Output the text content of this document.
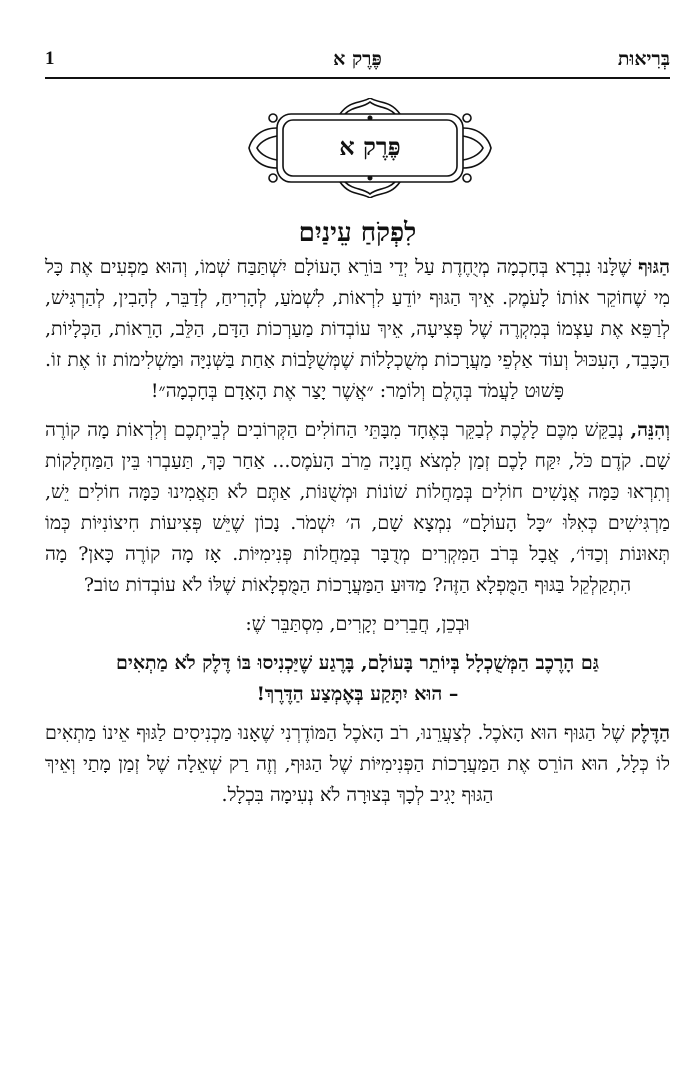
בְּרִיאוּת
פֶּרֶק א
1
פֶּרֶק א
לִפְקֹחַ עֵינַיִם

הַגּוּף שֶׁלָּנוּ נִבְרָא בְּחָכְמָה מְיֻחֶדֶת עַל יְדֵי בּוֹרֵא הָעוֹלָם יִשְׁתַּבַּח שְׁמוֹ, וְהוּא מַפְעִים אֶת כָּל מִי שֶׁחוֹקֵר אוֹתוֹ לָעֹמֶק. אֵיךְ הַגּוּף יוֹדֵעַ לִרְאוֹת, לִשְׁמֹעַ, לְהָרִיחַ, לְדַבֵּר, לְהָבִין, לְהַרְגִּישׁ, לְרַפֵּא אֶת עַצְמוֹ בְּמִקְרֶה שֶׁל פְּצִיעָה, אֵיךְ עוֹבְדוֹת מַעַרְכוֹת הַדָּם, הַלֵּב, הָרֵאוֹת, הַכְּלָיוֹת, הַכָּבֵד, הָעִכּוּל וְעוֹד אַלְפֵי מַעֲרָכוֹת מְשֻׁכְלָלוֹת שֶׁמְּשֻׁלָּבוֹת אַחַת בַּשְּׁנִיָּה וּמַשְׁלִימוֹת זוֹ אֶת זוֹ. פָּשׁוּט לַעֲמֹד בְּהֶלֶם וְלוֹמַר: ״אֲשֶׁר יָצַר אֶת הָאָדָם בְּחָכְמָה״!

וְהִנֵּה, נְבַקֵּשׁ מִכֶּם לָלֶכֶת לְבַקֵּר בְּאֶחָד מִבָּתֵּי הַחוֹלִים הַקְּרוֹבִים לְבֵיתְכֶם וְלִרְאוֹת מָה קוֹרֶה שָׁם. קֹדֶם כֹּל, יִקַּח לָכֶם זְמַן לִמְצֹא חֲנָיָה מֵרֹב הָעֹמֶס... אַחַר כָּךְ, תַּעַבְרוּ בֵּין הַמַּחְלָקוֹת וְתִרְאוּ כַּמָּה אֲנָשִׁים חוֹלִים בְּמַחֲלוֹת שׁוֹנוֹת וּמְשֻׁנּוֹת, אַתֶּם לֹא תַּאֲמִינוּ כַּמָּה חוֹלִים יֵשׁ, מַרְגִּישִׁים כְּאִלּוּ ״כָּל הָעוֹלָם״ נִמְצָא שָׁם, ה׳ יִשְׁמֹר. נָכוֹן שֶׁיֵּשׁ פְּצִיעוֹת חִיצוֹנִיּוֹת כְּמוֹ תְּאוּנוֹת וְכַדּוֹ׳, אֲבָל בְּרֹב הַמִּקְרִים מְדֻבָּר בְּמַחֲלוֹת פְּנִימִיּוֹת. אָז מָה קוֹרֶה כָּאן? מָה הִתְקַלְקֵל בַּגּוּף הַמֻּפְלָא הַזֶּה? מַדּוּעַ הַמַּעֲרָכוֹת הַמֻּפְלָאוֹת שֶׁלּוֹ לֹא עוֹבְדוֹת טוֹב?

וּבְכֵן, חֲבֵרִים יְקָרִים, מִסְתַּבֵּר שֶׁ:

גַּם הָרֶכֶב הַמְּשֻׁכְלָל בְּיוֹתֵר בָּעוֹלָם, בָּרֶגַע שֶׁיַּכְנִיסוּ בּוֹ דֶּלֶק לֹא מַתְאִים
– הוּא יִתָּקַע בְּאֶמְצַע הַדֶּרֶךְ!

הַדֶּלֶק שֶׁל הַגּוּף הוּא הָאֹכֶל. לְצַעֲרֵנוּ, רֹב הָאֹכֶל הַמּוֹדֶרְנִי שֶׁאָנוּ מַכְנִיסִים לַגּוּף אֵינוֹ מַתְאִים לוֹ כְּלָל, הוּא הוֹרֵס אֶת הַמַּעֲרָכוֹת הַפְּנִימִיּוֹת שֶׁל הַגּוּף, וְזֶה רַק שְׁאֵלָה שֶׁל זְמַן מָתַי וְאֵיךְ הַגּוּף יָגִיב לְכָךְ בְּצוּרָה לֹא נְעִימָה בִּכְלָל.
